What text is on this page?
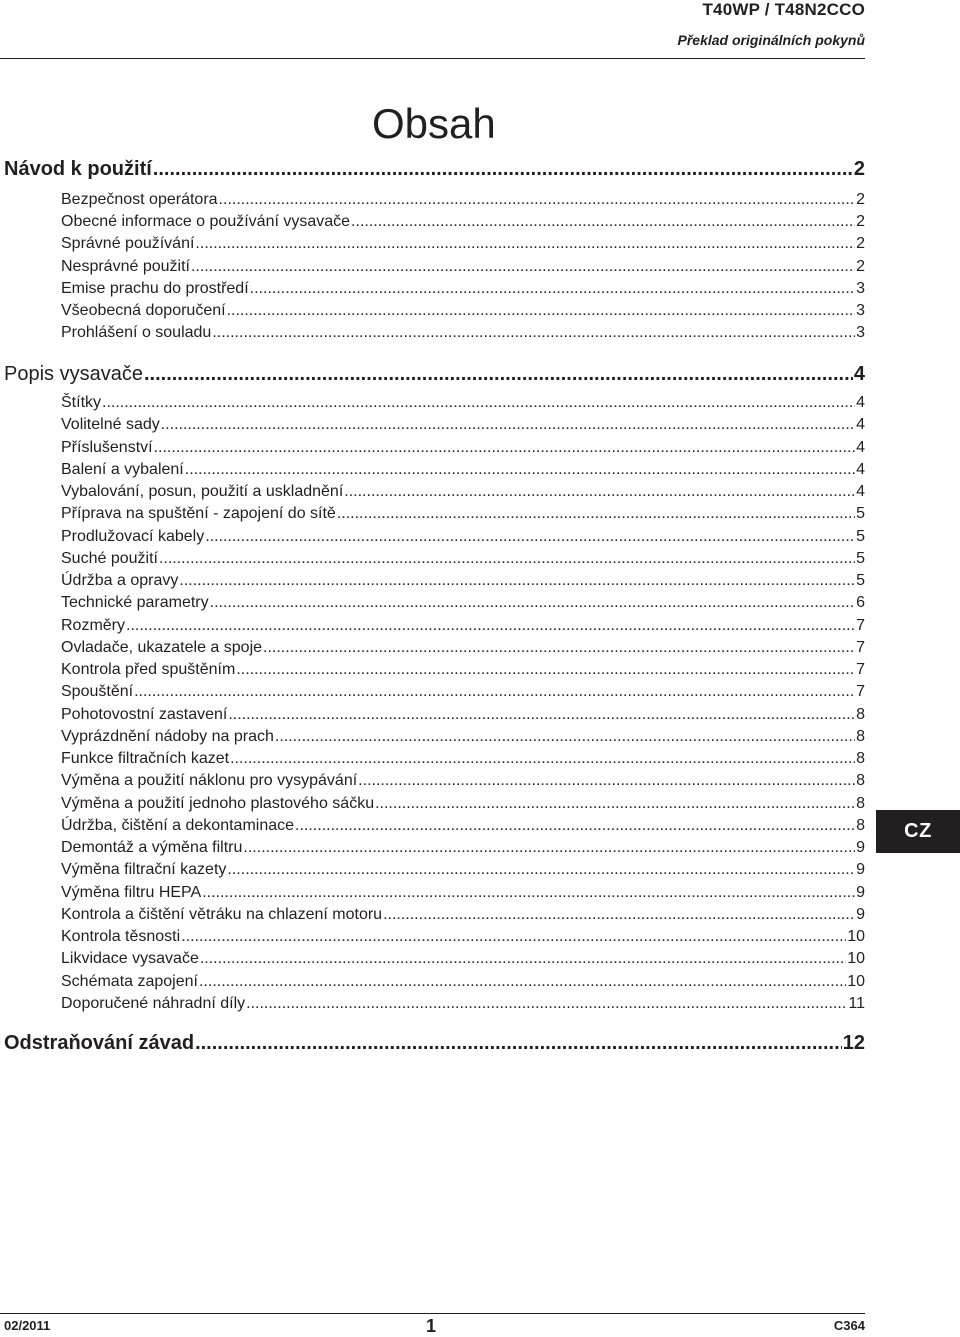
T40WP / T48N2CCO
Překlad originálních pokynů
Obsah
Návod k použití .....	2
Bezpečnost operátora .....	2
Obecné informace o používání vysavače .....	2
Správné používání .....	2
Nesprávné použití .....	2
Emise prachu do prostředí .....	3
Všeobecná doporučení .....	3
Prohlášení o souladu .....	3
Popis vysavače .....	4
Štítky .....	4
Volitelné sady .....	4
Příslušenství .....	4
Balení a vybalení .....	4
Vybalování, posun, použití a uskladnění .....	4
Příprava na spuštění - zapojení do sítě .....	5
Prodlužovací kabely .....	5
Suché použití .....	5
Údržba a opravy .....	5
Technické parametry .....	6
Rozměry .....	7
Ovladače, ukazatele a spoje .....	7
Kontrola před spuštěním .....	7
Spouštění .....	7
Pohotovostní zastavení .....	8
Vyprázdnění nádoby na prach .....	8
Funkce filtračních kazet .....	8
Výměna a použití náklonu pro vysypávání .....	8
Výměna a použití jednoho plastového sáčku .....	8
Údržba, čištění a dekontaminace .....	8
Demontáž a výměna filtru .....	9
Výměna filtrační kazety .....	9
Výměna filtru HEPA .....	9
Kontrola a čištění větráku na chlazení motoru .....	9
Kontrola těsnosti .....	10
Likvidace vysavače .....	10
Schémata zapojení .....	10
Doporučené náhradní díly .....	11
Odstraňování závad .....	12
CZ
02/2011	1	C364
